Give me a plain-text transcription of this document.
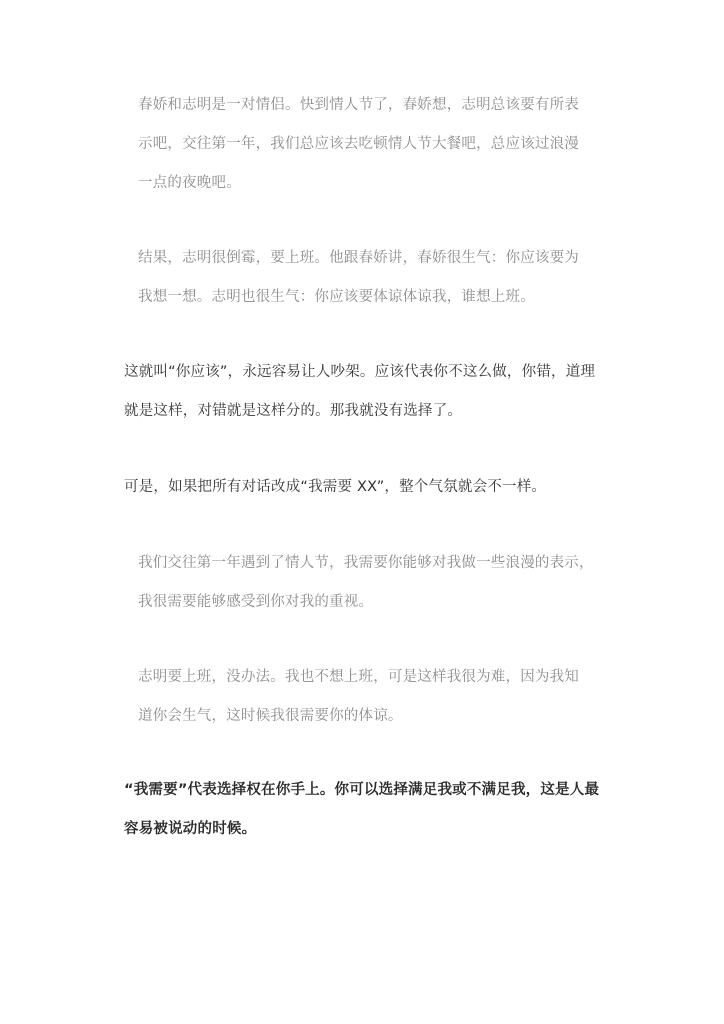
春娇和志明是一对情侣。快到情人节了，春娇想，志明总该要有所表
示吧，交往第一年，我们总应该去吃顿情人节大餐吧，总应该过浪漫
一点的夜晚吧。

结果，志明很倒霉，要上班。他跟春娇讲，春娇很生气：你应该要为
我想一想。志明也很生气：你应该要体谅体谅我，谁想上班。

这就叫“你应该”，永远容易让人吵架。应该代表你不这么做，你错，道理
就是这样，对错就是这样分的。那我就没有选择了。

可是，如果把所有对话改成“我需要 XX”，整个气氛就会不一样。

我们交往第一年遇到了情人节，我需要你能够对我做一些浪漫的表示，
我很需要能够感受到你对我的重视。

志明要上班，没办法。我也不想上班，可是这样我很为难，因为我知
道你会生气，这时候我很需要你的体谅。

“我需要”代表选择权在你手上。你可以选择满足我或不满足我，这是人最
容易被说动的时候。
